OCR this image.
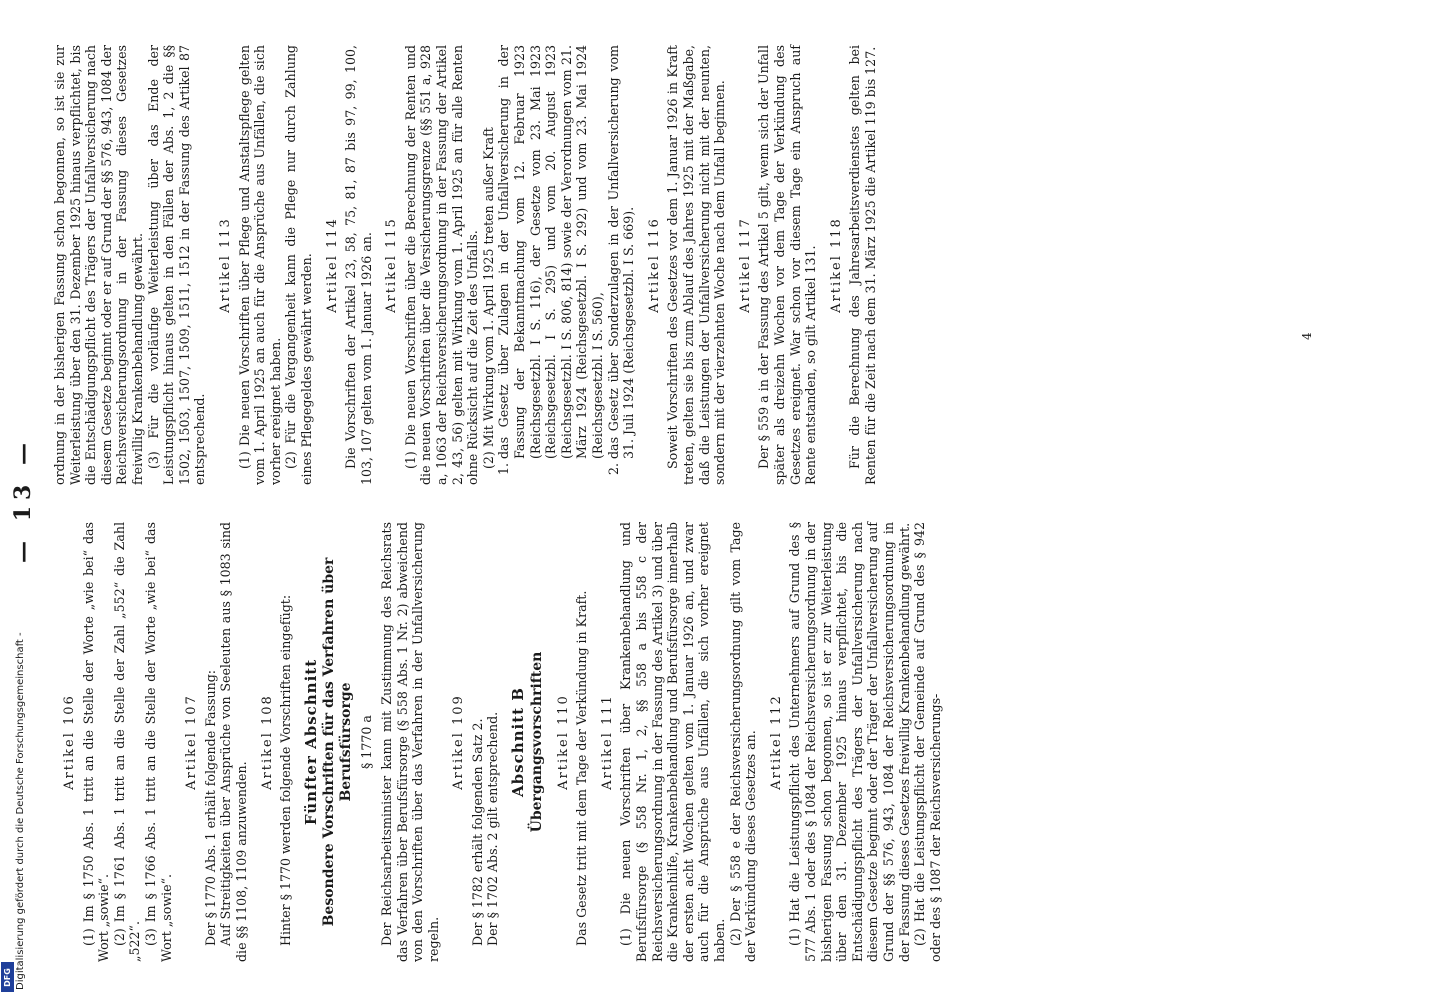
— 13 —
Artikel 106 (1) Im § 1750 Abs. 1 tritt an die Stelle der Worte „wie bei“ das Wort „sowie“. (2) Im § 1761 Abs. 1 tritt an die Stelle der Zahl „552“ die Zahl „522“. (3) Im § 1766 Abs. 1 tritt an die Stelle der Worte „wie bei“ das Wort „sowie“.

Artikel 107 Der § 1770 Abs. 1 erhält folgende Fassung: Auf Streitigkeiten über Ansprüche von Seeleuten aus § 1083 sind die §§ 1108, 1109 anzuwenden.

Artikel 108 Hinter § 1770 werden folgende Vorschriften eingefügt: Fünfter Abschnitt Besondere Vorschriften für das Verfahren über Berufsfürsorge § 1770 a Der Reichsarbeitsminister kann mit Zustimmung des Reichsrats das Verfahren über Berufsfürsorge (§ 558 Abs. 1 Nr. 2) abweichend von den Vorschriften über das Verfahren in der Unfallversicherung regeln.

Artikel 109 Der § 1782 erhält folgenden Satz 2. Der § 1702 Abs. 2 gilt entsprechend. Abschnitt B Übergangsvorschriften Artikel 110 Das Gesetz tritt mit dem Tage der Verkündung in Kraft. Artikel 111 (1) Die neuen Vorschriften über Krankenbehandlung und Berufsfürsorge (§ 558 Nr. 1, 2, §§ 558 a bis 558 c der Reichsversicherungsordnung in der Fassung des Artikel 3) und über die Krankenhilfe, Krankenbehandlung und Berufsfürsorge innerhalb der ersten acht Wochen gelten vom 1. Januar 1926 an, und zwar auch für die Ansprüche aus Unfällen, die sich vorher ereignet haben. (2) Der § 558 e der Reichsversicherungsordnung gilt vom Tage der Verkündung dieses Gesetzes an. Artikel 112 (1) Hat die Leistungspflicht des Unternehmers auf Grund des § 577 Abs. 1 oder des § 1084 der Reichsversicherungsordnung in der bisherigen Fassung schon begonnen, so ist er zur Weiterleistung über den 31. Dezember 1925 hinaus verpflichtet, bis die Entschädigungspflicht des Trägers der Unfallversicherung nach diesem Gesetze beginnt oder der Träger der Unfallversicherung auf Grund der §§ 576, 943, 1084 der Reichsversicherungsordnung in der Fassung dieses Gesetzes freiwillig Krankenbehandlung gewährt. (2) Hat die Leistungspflicht der Gemeinde auf Grund des § 942 oder des § 1087 der Reichsversicherungs-

ordnung in der bisherigen Fassung schon begonnen, so ist sie zur Weiterleistung über den 31. Dezember 1925 hinaus verpflichtet, bis die Entschädigungspflicht des Trägers der Unfallversicherung nach diesem Gesetze beginnt oder er auf Grund der §§ 576, 943, 1084 der Reichsversicherungsordnung in der Fassung dieses Gesetzes freiwillig Krankenbehandlung gewährt. (3) Für die vorläufige Weiterleistung über das Ende der Leistungspflicht hinaus gelten in den Fällen der Abs. 1, 2 die §§ 1502, 1503, 1507, 1509, 1511, 1512 in der Fassung des Artikel 87 entsprechend.

Artikel 113 (1) Die neuen Vorschriften über Pflege und Anstaltspflege gelten vom 1. April 1925 an auch für die Ansprüche aus Unfällen, die sich vorher ereignet haben. (2) Für die Vergangenheit kann die Pflege nur durch Zahlung eines Pflegegeldes gewährt werden. Artikel 114 Die Vorschriften der Artikel 23, 58, 75, 81, 87 bis 97, 99, 100, 103, 107 gelten vom 1. Januar 1926 an. Artikel 115 (1) Die neuen Vorschriften über die Berechnung der Renten und die neuen Vorschriften über die Versicherungsgrenze (§§ 551 a, 928 a, 1063 der Reichsversicherungsordnung in der Fassung der Artikel 2, 43, 56) gelten mit Wirkung vom 1. April 1925 an für alle Renten ohne Rücksicht auf die Zeit des Unfalls. (2) Mit Wirkung vom 1. April 1925 treten außer Kraft 1. das Gesetz über Zulagen in der Unfallversicherung in der Fassung der Bekanntmachung vom 12. Februar 1923 (Reichsgesetzbl. I S. 116), der Gesetze vom 23. Mai 1923 (Reichsgesetzbl. I S. 295) und vom 20. August 1923 (Reichsgesetzbl. I S. 806, 814) sowie der Verordnungen vom 21. März 1924 (Reichsgesetzbl. I S. 292) und vom 23. Mai 1924 (Reichsgesetzbl. I S. 560), 2. das Gesetz über Sonderzulagen in der Unfallversicherung vom 31. Juli 1924 (Reichsgesetzbl. I S. 669). Artikel 116 Soweit Vorschriften des Gesetzes vor dem 1. Januar 1926 in Kraft treten, gelten sie bis zum Ablauf des Jahres 1925 mit der Maßgabe, daß die Leistungen der Unfallversicherung nicht mit der neunten, sondern mit der vierzehnten Woche nach dem Unfall beginnen. Artikel 117 Der § 559 a in der Fassung des Artikel 5 gilt, wenn sich der Unfall später als dreizehn Wochen vor dem Tage der Verkündung des Gesetzes ereignet. War schon vor diesem Tage ein Anspruch auf Rente entstanden, so gilt Artikel 131. Artikel 118 Für die Berechnung des Jahresarbeitsverdienstes gelten bei Renten für die Zeit nach dem 31. März 1925 die Artikel 119 bis 127.	4
Digitalisierung gefördert durch die Deutsche Forschungsgemeinschaft -
DFG
